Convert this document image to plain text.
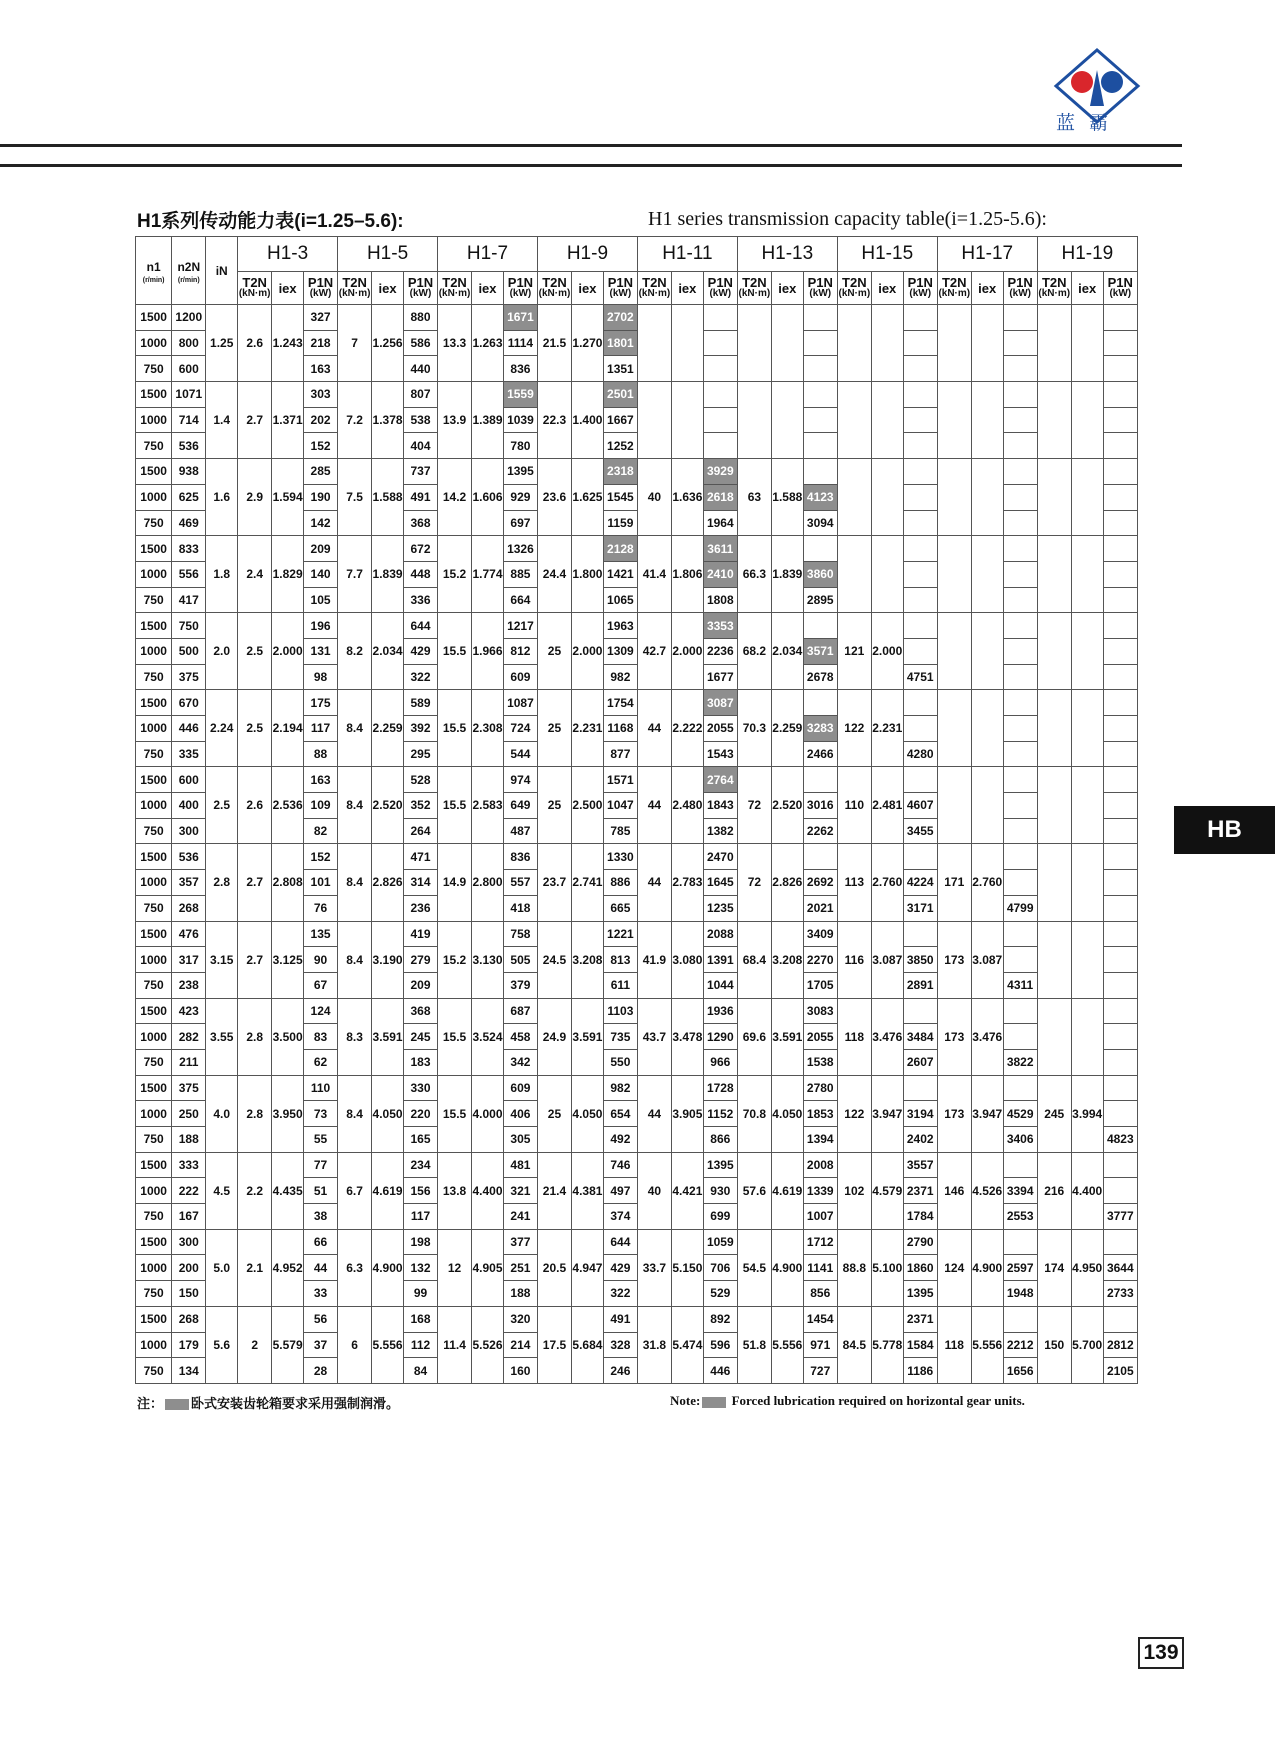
蓝霸
H1系列传动能力表(i=1.25–5.6):	H1 series transmission capacity table(i=1.25-5.6):
n1
(r/min)	n2N
(r/min)	iN	H1-3			H1-5			H1-7			H1-9			H1-11			H1-13			H1-15			H1-17			H1-19		
			T2N
(kN·m)	iex	P1N
(kW)	T2N
(kN·m)	iex	P1N
(kW)	T2N
(kN·m)	iex	P1N
(kW)	T2N
(kN·m)	iex	P1N
(kW)	T2N
(kN·m)	iex	P1N
(kW)	T2N
(kN·m)	iex	P1N
(kW)	T2N
(kN·m)	iex	P1N
(kW)	T2N
(kN·m)	iex	P1N
(kW)	T2N
(kN·m)	iex	P1N
(kW)
1500	1200	1.25	2.6	1.243	327	7	1.256	880	13.3	1.263	1671	21.5	1.270	2702															
1000	800				218			586			1114			1801															
750	600				163			440			836			1351															
1500	1071	1.4	2.7	1.371	303	7.2	1.378	807	13.9	1.389	1559	22.3	1.400	2501															
1000	714				202			538			1039			1667															
750	536				152			404			780			1252															
1500	938	1.6	2.9	1.594	285	7.5	1.588	737	14.2	1.606	1395	23.6	1.625	2318	40	1.636	3929	63	1.588										
1000	625				190			491			929			1545			2618			4123									
750	469				142			368			697			1159			1964			3094									
1500	833	1.8	2.4	1.829	209	7.7	1.839	672	15.2	1.774	1326	24.4	1.800	2128	41.4	1.806	3611	66.3	1.839										
1000	556				140			448			885			1421			2410			3860									
750	417				105			336			664			1065			1808			2895									
1500	750	2.0	2.5	2.000	196	8.2	2.034	644	15.5	1.966	1217	25	2.000	1963	42.7	2.000	3353	68.2	2.034		121	2.000							
1000	500				131			429			812			1309			2236			3571									
750	375				98			322			609			982			1677			2678			4751						
1500	670	2.24	2.5	2.194	175	8.4	2.259	589	15.5	2.308	1087	25	2.231	1754	44	2.222	3087	70.3	2.259		122	2.231							
1000	446				117			392			724			1168			2055			3283									
750	335				88			295			544			877			1543			2466			4280						
1500	600	2.5	2.6	2.536	163	8.4	2.520	528	15.5	2.583	974	25	2.500	1571	44	2.480	2764	72	2.520		110	2.481							
1000	400				109			352			649			1047			1843			3016			4607						
750	300				82			264			487			785			1382			2262			3455						
1500	536	2.8	2.7	2.808	152	8.4	2.826	471	14.9	2.800	836	23.7	2.741	1330	44	2.783	2470	72	2.826		113	2.760		171	2.760				
1000	357				101			314			557			886			1645			2692			4224						
750	268				76			236			418			665			1235			2021			3171			4799			
1500	476	3.15	2.7	3.125	135	8.4	3.190	419	15.2	3.130	758	24.5	3.208	1221	41.9	3.080	2088	68.4	3.208	3409	116	3.087		173	3.087				
1000	317				90			279			505			813			1391			2270			3850						
750	238				67			209			379			611			1044			1705			2891			4311			
1500	423	3.55	2.8	3.500	124	8.3	3.591	368	15.5	3.524	687	24.9	3.591	1103	43.7	3.478	1936	69.6	3.591	3083	118	3.476		173	3.476				
1000	282				83			245			458			735			1290			2055			3484						
750	211				62			183			342			550			966			1538			2607			3822			
1500	375	4.0	2.8	3.950	110	8.4	4.050	330	15.5	4.000	609	25	4.050	982	44	3.905	1728	70.8	4.050	2780	122	3.947		173	3.947		245	3.994	
1000	250				73			220			406			654			1152			1853			3194			4529			
750	188				55			165			305			492			866			1394			2402			3406			4823
1500	333	4.5	2.2	4.435	77	6.7	4.619	234	13.8	4.400	481	21.4	4.381	746	40	4.421	1395	57.6	4.619	2008	102	4.579	3557	146	4.526		216	4.400	
1000	222				51			156			321			497			930			1339			2371			3394			
750	167				38			117			241			374			699			1007			1784			2553			3777
1500	300	5.0	2.1	4.952	66	6.3	4.900	198	12	4.905	377	20.5	4.947	644	33.7	5.150	1059	54.5	4.900	1712	88.8	5.100	2790	124	4.900		174	4.950	
1000	200				44			132			251			429			706			1141			1860			2597			3644
750	150				33			99			188			322			529			856			1395			1948			2733
1500	268	5.6	2	5.579	56	6	5.556	168	11.4	5.526	320	17.5	5.684	491	31.8	5.474	892	51.8	5.556	1454	84.5	5.778	2371	118	5.556		150	5.700	
1000	179				37			112			214			328			596			971			1584			2212			2812
750	134				28			84			160			246			446			727			1186			1656			2105
注： 卧式安装齿轮箱要求采用强制润滑。	Note: Forced lubrication required on horizontal gear units.
HB
139
